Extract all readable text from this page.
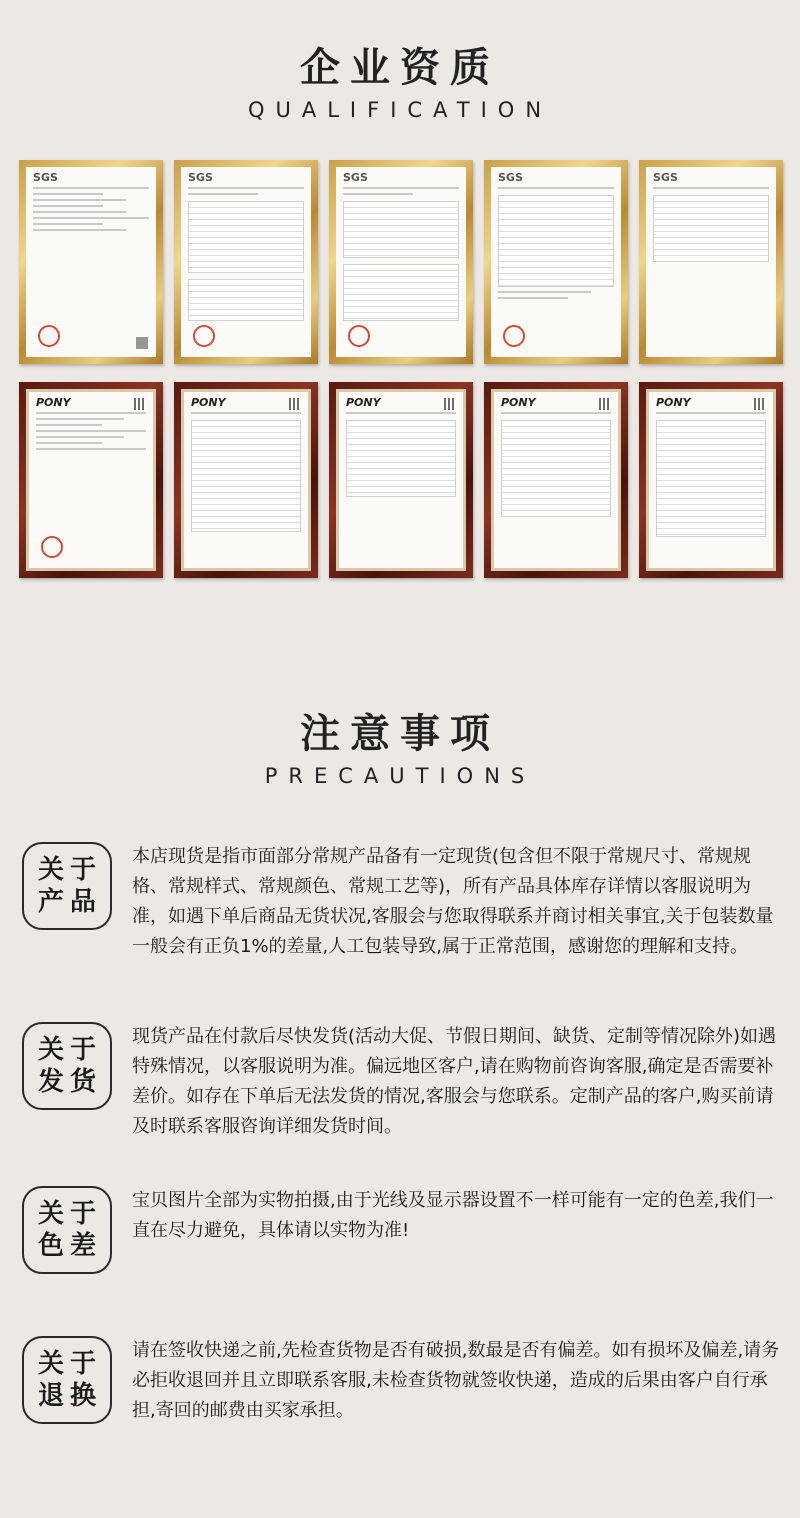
企业资质
QUALIFICATION
SGS	SGS	SGS	SGS	SGS
PONY	PONY	PONY	PONY	PONY
注意事项
PRECAUTIONS
关于
产品
本店现货是指市面部分常规产品备有一定现货(包含但不限于常规尺寸、常规规格、常规样式、常规颜色、常规工艺等)，所有产品具体库存详情以客服说明为准，如遇下单后商品无货状况,客服会与您取得联系并商讨相关事宜,关于包装数量一般会有正负1%的差量,人工包装导致,属于正常范围，感谢您的理解和支持。
关于
发货
现货产品在付款后尽快发货(活动大促、节假日期间、缺货、定制等情况除外)如遇特殊情况，以客服说明为准。偏远地区客户,请在购物前咨询客服,确定是否需要补差价。如存在下单后无法发货的情况,客服会与您联系。定制产品的客户,购买前请及时联系客服咨询详细发货时间。
关于
色差
宝贝图片全部为实物拍摄,由于光线及显示器设置不一样可能有一定的色差,我们一直在尽力避免，具体请以实物为准!
关于
退换
请在签收快递之前,先检查货物是否有破损,数最是否有偏差。如有损坏及偏差,请务必拒收退回并且立即联系客服,未检查货物就签收快递，造成的后果由客户自行承担,寄回的邮费由买家承担。
